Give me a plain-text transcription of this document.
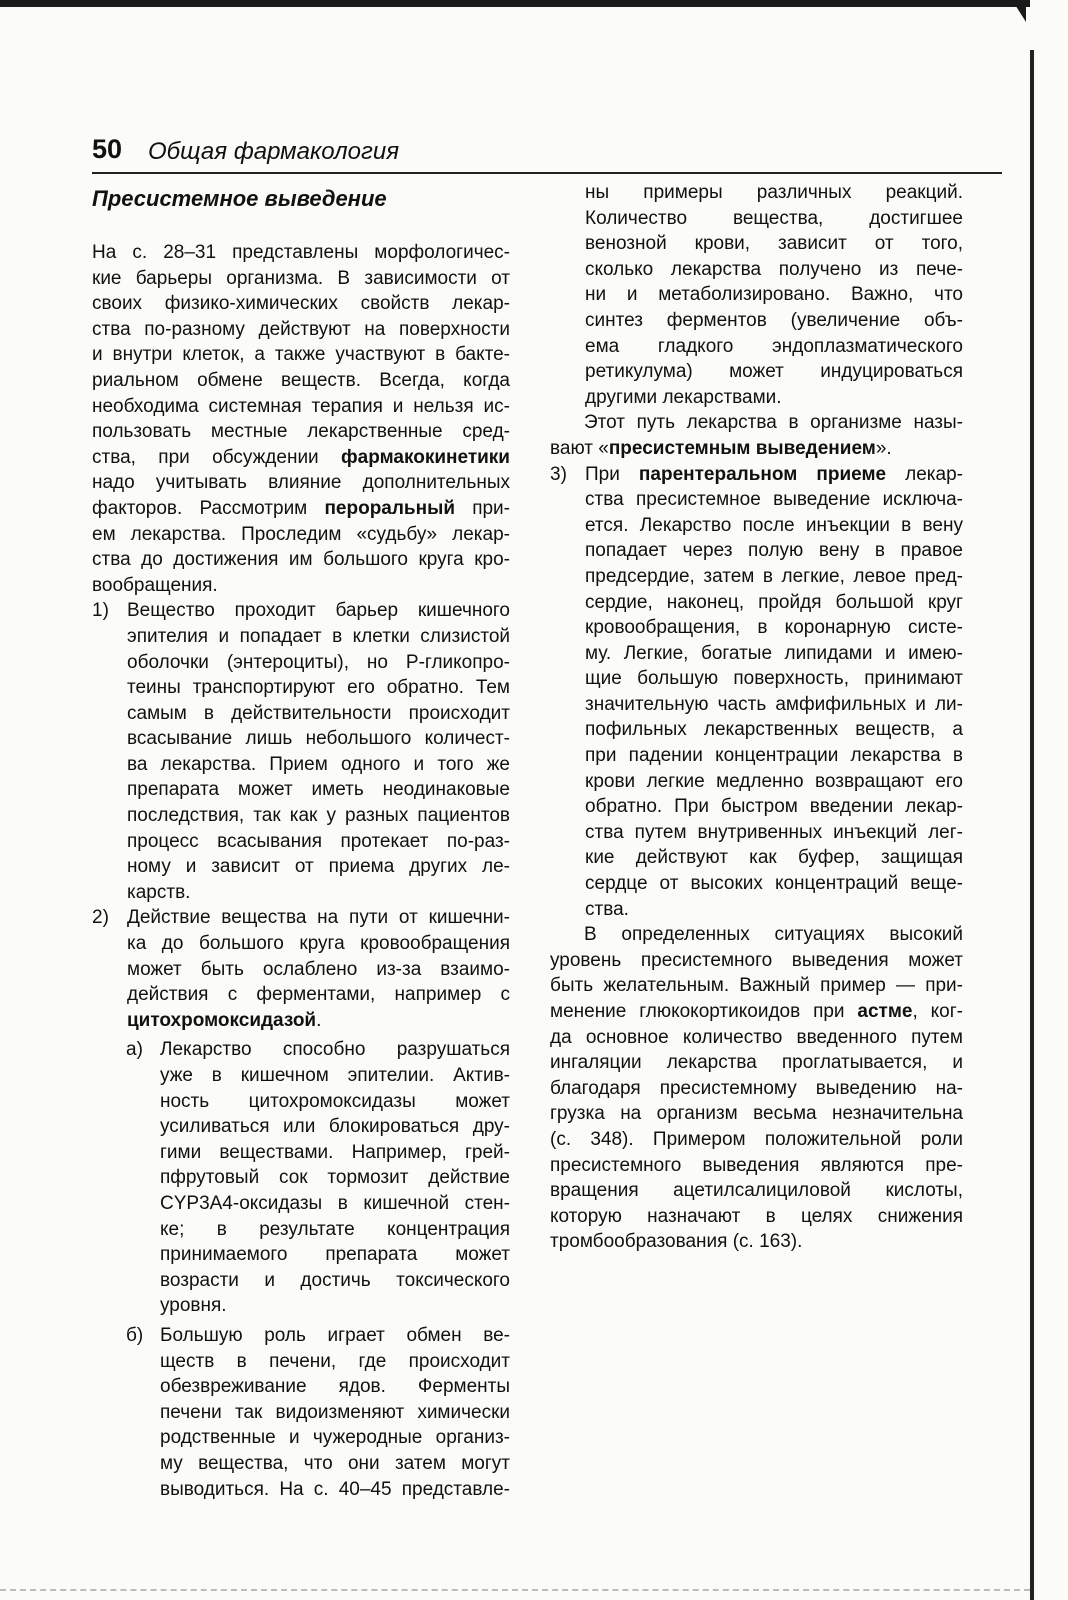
50 Общая фармакология
Пресистемное выведение
На с. 28–31 представлены морфологичес-
кие барьеры организма. В зависимости от
своих физико-химических свойств лекар-
ства по-разному действуют на поверхности
и внутри клеток, а также участвуют в бакте-
риальном обмене веществ. Всегда, когда
необходима системная терапия и нельзя ис-
пользовать местные лекарственные сред-
ства, при обсуждении фармакокинетики
надо учитывать влияние дополнительных
факторов. Рассмотрим пероральный при-
ем лекарства. Проследим «судьбу» лекар-
ства до достижения им большого круга кро-
вообращения.
1) Вещество проходит барьер кишечного
эпителия и попадает в клетки слизистой
оболочки (энтероциты), но Р-гликопро-
теины транспортируют его обратно. Тем
самым в действительности происходит
всасывание лишь небольшого количест-
ва лекарства. Прием одного и того же
препарата может иметь неодинаковые
последствия, так как у разных пациентов
процесс всасывания протекает по-раз-
ному и зависит от приема других ле-
карств.
2) Действие вещества на пути от кишечни-
ка до большого круга кровообращения
может быть ослаблено из-за взаимо-
действия с ферментами, например с
цитохромоксидазой.
а) Лекарство способно разрушаться
уже в кишечном эпителии. Актив-
ность цитохромоксидазы может
усиливаться или блокироваться дру-
гими веществами. Например, грей-
пфрутовый сок тормозит действие
CYP3A4-оксидазы в кишечной стен-
ке; в результате концентрация
принимаемого препарата может
возрасти и достичь токсического
уровня.
б) Большую роль играет обмен ве-
ществ в печени, где происходит
обезвреживание ядов. Ферменты
печени так видоизменяют химически
родственные и чужеродные организ-
му вещества, что они затем могут
выводиться. На с. 40–45 представле-
ны примеры различных реакций.
Количество вещества, достигшее
венозной крови, зависит от того,
сколько лекарства получено из пече-
ни и метаболизировано. Важно, что
синтез ферментов (увеличение объ-
ема гладкого эндоплазматического
ретикулума) может индуцироваться
другими лекарствами.
Этот путь лекарства в организме назы-
вают «пресистемным выведением».
3) При парентеральном приеме лекар-
ства пресистемное выведение исключа-
ется. Лекарство после инъекции в вену
попадает через полую вену в правое
предсердие, затем в легкие, левое пред-
сердие, наконец, пройдя большой круг
кровообращения, в коронарную систе-
му. Легкие, богатые липидами и имею-
щие большую поверхность, принимают
значительную часть амфифильных и ли-
пофильных лекарственных веществ, а
при падении концентрации лекарства в
крови легкие медленно возвращают его
обратно. При быстром введении лекар-
ства путем внутривенных инъекций лег-
кие действуют как буфер, защищая
сердце от высоких концентраций веще-
ства.
В определенных ситуациях высокий
уровень пресистемного выведения может
быть желательным. Важный пример — при-
менение глюкокортикоидов при астме, ког-
да основное количество введенного путем
ингаляции лекарства проглатывается, и
благодаря пресистемному выведению на-
грузка на организм весьма незначительна
(с. 348). Примером положительной роли
пресистемного выведения являются пре-
вращения ацетилсалициловой кислоты,
которую назначают в целях снижения
тромбообразования (с. 163).
